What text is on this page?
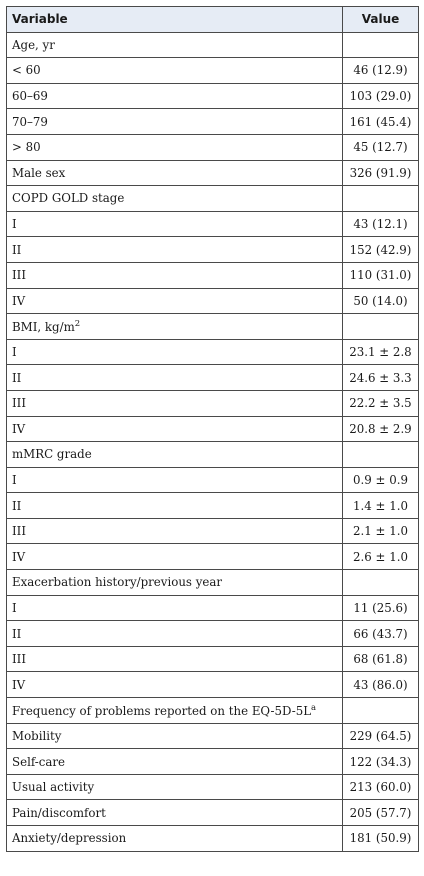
Variable	Value
Age, yr	
< 60	46 (12.9)
60–69	103 (29.0)
70–79	161 (45.4)
> 80	45 (12.7)
Male sex	326 (91.9)
COPD GOLD stage	
I	43 (12.1)
II	152 (42.9)
III	110 (31.0)
IV	50 (14.0)
BMI, $kg/m^2$	
I	23.1 ± 2.8
II	24.6 ± 3.3
III	22.2 ± 3.5
IV	20.8 ± 2.9
mMRC grade	
I	0.9 ± 0.9
II	1.4 ± 1.0
III	2.1 ± 1.0
IV	2.6 ± 1.0
Exacerbation history/previous year	
I	11 (25.6)
II	66 (43.7)
III	68 (61.8)
IV	43 (86.0)
Frequency of problems reported on the $EQ-5D-5L^a$	
Mobility	229 (64.5)
Self-care	122 (34.3)
Usual activity	213 (60.0)
Pain/discomfort	205 (57.7)
Anxiety/depression	181 (50.9)
